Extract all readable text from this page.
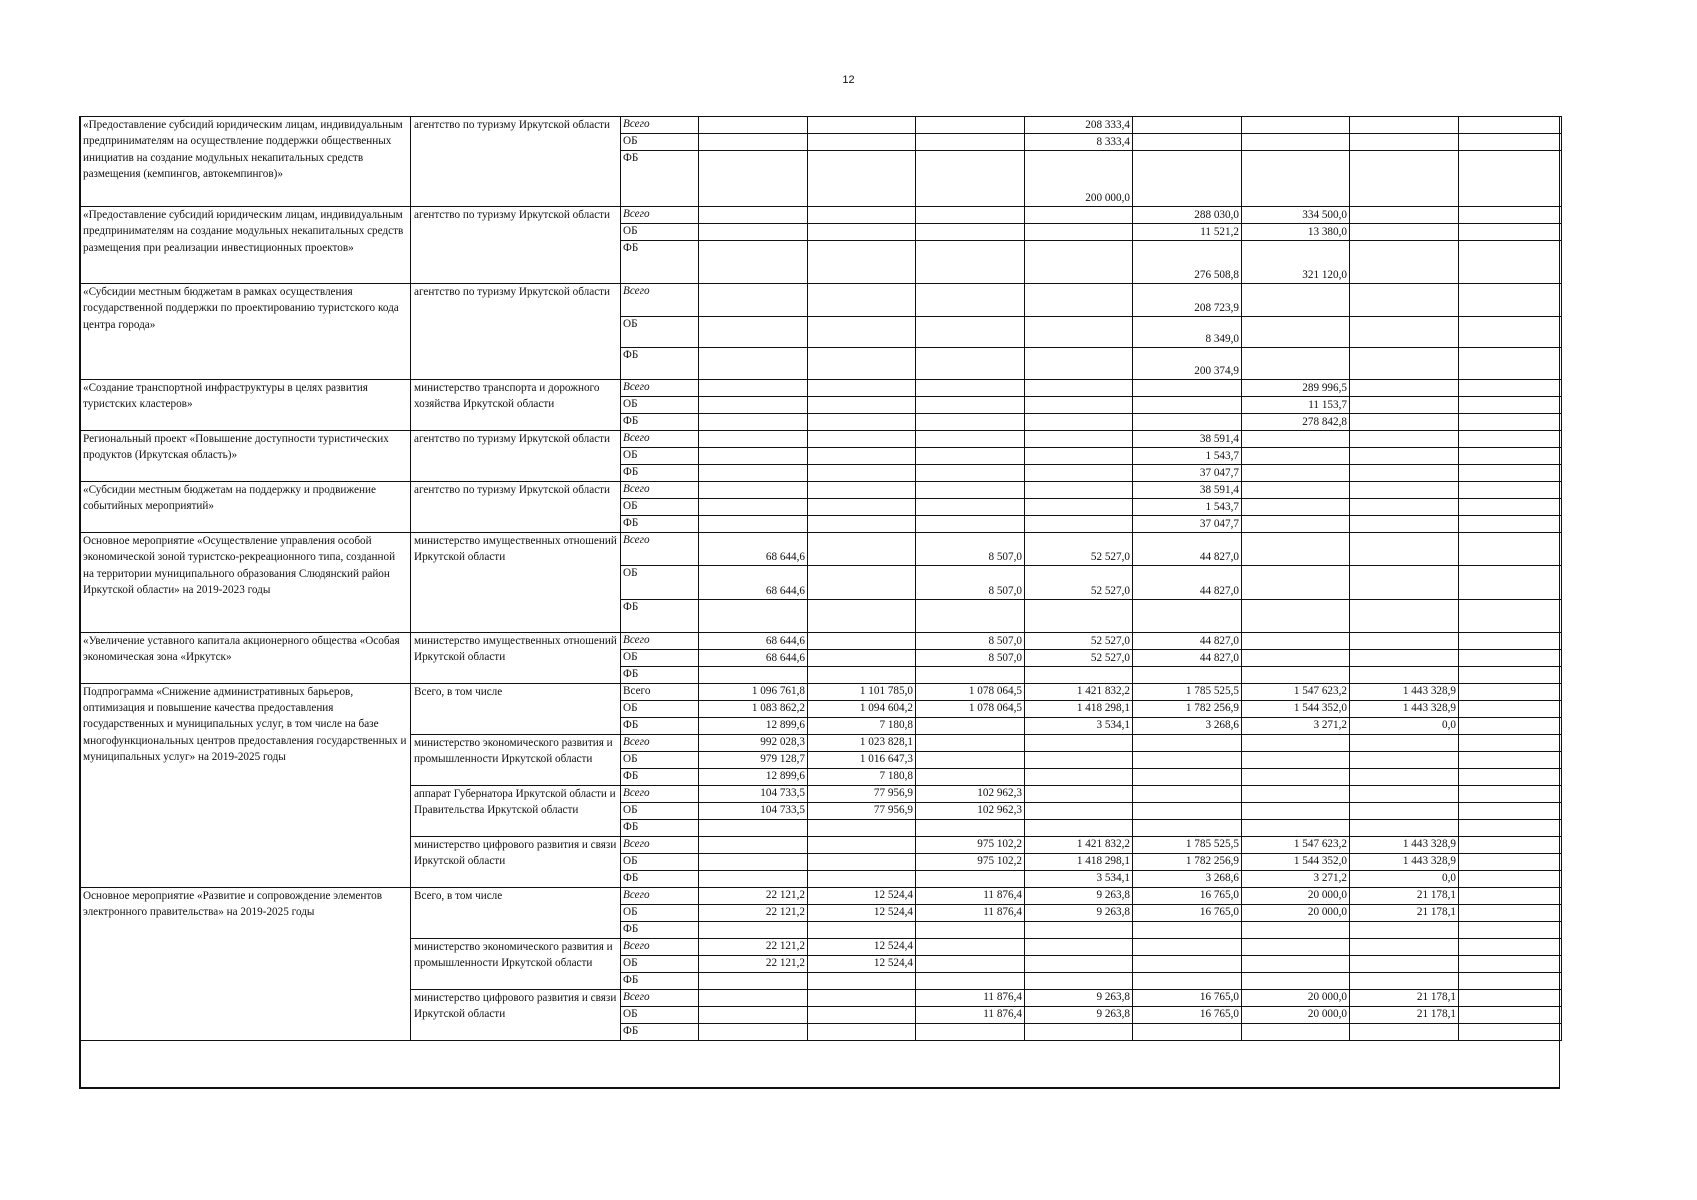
12
«Предоставление субсидий юридическим лицам, индивидуальным предпринимателям на осуществление поддержки общественных инициатив на создание модульных некапитальных средств размещения (кемпингов, автокемпингов)»	агентство по туризму Иркутской области	Всего				208 333,4				
		ОБ				8 333,4				
		ФБ				200 000,0				
«Предоставление субсидий юридическим лицам, индивидуальным предпринимателям на создание модульных некапитальных средств размещения при реализации инвестиционных проектов»	агентство по туризму Иркутской области	Всего					288 030,0	334 500,0		
		ОБ					11 521,2	13 380,0		
		ФБ					276 508,8	321 120,0		
«Субсидии местным бюджетам в рамках осуществления государственной поддержки по проектированию туристского кода центра города»	агентство по туризму Иркутской области	Всего					208 723,9			
		ОБ					8 349,0			
		ФБ					200 374,9			
«Создание транспортной инфраструктуры в целях развития туристских кластеров»	министерство транспорта и дорожного хозяйства Иркутской области	Всего						289 996,5		
		ОБ						11 153,7		
		ФБ						278 842,8		
Региональный проект «Повышение доступности туристических продуктов (Иркутская область)»	агентство по туризму Иркутской области	Всего					38 591,4			
		ОБ					1 543,7			
		ФБ					37 047,7			
«Субсидии местным бюджетам на поддержку и продвижение событийных мероприятий»	агентство по туризму Иркутской области	Всего					38 591,4			
		ОБ					1 543,7			
		ФБ					37 047,7			
Основное мероприятие «Осуществление управления особой экономической зоной туристско-рекреационного типа, созданной на территории муниципального образования Слюдянский район Иркутской области» на 2019-2023 годы	министерство имущественных отношений Иркутской области	Всего	68 644,6		8 507,0	52 527,0	44 827,0			
		ОБ	68 644,6		8 507,0	52 527,0	44 827,0			
		ФБ								
«Увеличение уставного капитала акционерного общества «Особая экономическая зона «Иркутск»	министерство имущественных отношений Иркутской области	Всего	68 644,6		8 507,0	52 527,0	44 827,0			
		ОБ	68 644,6		8 507,0	52 527,0	44 827,0			
		ФБ								
Подпрограмма «Снижение административных барьеров, оптимизация и повышение качества предоставления государственных и муниципальных услуг, в том числе на базе многофункциональных центров предоставления государственных и муниципальных услуг» на 2019-2025 годы	Всего, в том числе	Всего	1 096 761,8	1 101 785,0	1 078 064,5	1 421 832,2	1 785 525,5	1 547 623,2	1 443 328,9	
		ОБ	1 083 862,2	1 094 604,2	1 078 064,5	1 418 298,1	1 782 256,9	1 544 352,0	1 443 328,9	
		ФБ	12 899,6	7 180,8		3 534,1	3 268,6	3 271,2	0,0	
	министерство экономического развития и промышленности Иркутской области	Всего	992 028,3	1 023 828,1						
		ОБ	979 128,7	1 016 647,3						
		ФБ	12 899,6	7 180,8						
	аппарат Губернатора Иркутской области и Правительства Иркутской области	Всего	104 733,5	77 956,9	102 962,3					
		ОБ	104 733,5	77 956,9	102 962,3					
		ФБ								
	министерство цифрового развития и связи Иркутской области	Всего			975 102,2	1 421 832,2	1 785 525,5	1 547 623,2	1 443 328,9	
		ОБ			975 102,2	1 418 298,1	1 782 256,9	1 544 352,0	1 443 328,9	
		ФБ				3 534,1	3 268,6	3 271,2	0,0	
Основное мероприятие «Развитие и сопровождение элементов электронного правительства» на 2019-2025 годы	Всего, в том числе	Всего	22 121,2	12 524,4	11 876,4	9 263,8	16 765,0	20 000,0	21 178,1	
		ОБ	22 121,2	12 524,4	11 876,4	9 263,8	16 765,0	20 000,0	21 178,1	
		ФБ								
	министерство экономического развития и промышленности Иркутской области	Всего	22 121,2	12 524,4						
		ОБ	22 121,2	12 524,4						
		ФБ								
	министерство цифрового развития и связи Иркутской области	Всего			11 876,4	9 263,8	16 765,0	20 000,0	21 178,1	
		ОБ			11 876,4	9 263,8	16 765,0	20 000,0	21 178,1	
		ФБ								
